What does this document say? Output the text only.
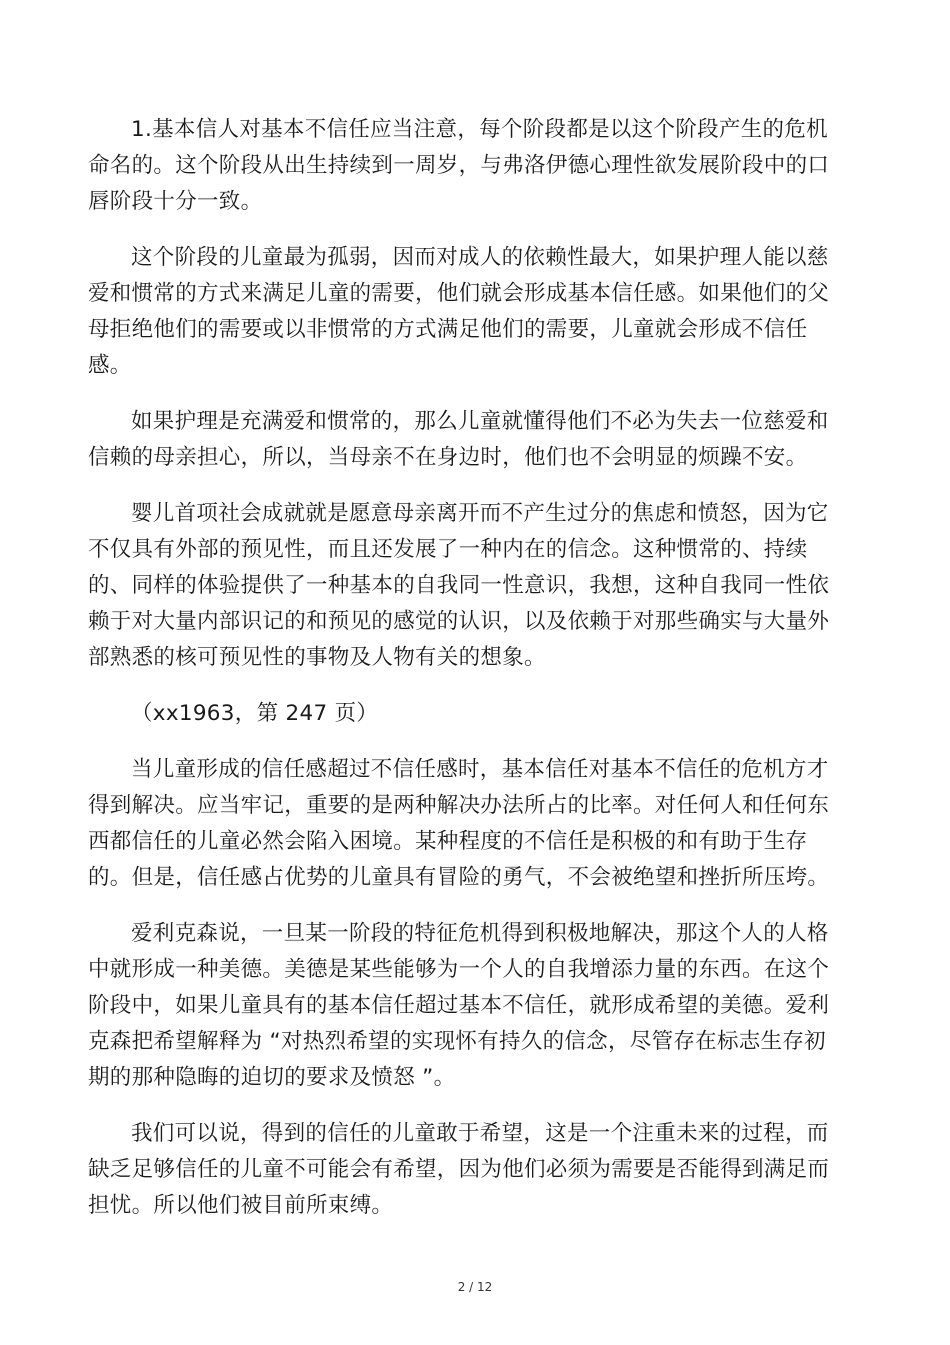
1.基本信人对基本不信任应当注意，每个阶段都是以这个阶段产生的危机命名的。这个阶段从出生持续到一周岁，与弗洛伊德心理性欲发展阶段中的口唇阶段十分一致。

这个阶段的儿童最为孤弱，因而对成人的依赖性最大，如果护理人能以慈爱和惯常的方式来满足儿童的需要，他们就会形成基本信任感。如果他们的父母拒绝他们的需要或以非惯常的方式满足他们的需要，儿童就会形成不信任感。

如果护理是充满爱和惯常的，那么儿童就懂得他们不必为失去一位慈爱和信赖的母亲担心，所以，当母亲不在身边时，他们也不会明显的烦躁不安。

婴儿首项社会成就就是愿意母亲离开而不产生过分的焦虑和愤怒，因为它不仅具有外部的预见性，而且还发展了一种内在的信念。这种惯常的、持续的、同样的体验提供了一种基本的自我同一性意识，我想，这种自我同一性依赖于对大量内部识记的和预见的感觉的认识，以及依赖于对那些确实与大量外部熟悉的核可预见性的事物及人物有关的想象。

（xx1963，第 247 页）

当儿童形成的信任感超过不信任感时，基本信任对基本不信任的危机方才得到解决。应当牢记，重要的是两种解决办法所占的比率。对任何人和任何东西都信任的儿童必然会陷入困境。某种程度的不信任是积极的和有助于生存的。但是，信任感占优势的儿童具有冒险的勇气，不会被绝望和挫折所压垮。

爱利克森说，一旦某一阶段的特征危机得到积极地解决，那这个人的人格中就形成一种美德。美德是某些能够为一个人的自我增添力量的东西。在这个阶段中，如果儿童具有的基本信任超过基本不信任，就形成希望的美德。爱利克森把希望解释为 “对热烈希望的实现怀有持久的信念，尽管存在标志生存初期的那种隐晦的迫切的要求及愤怒 ”。

我们可以说，得到的信任的儿童敢于希望，这是一个注重未来的过程，而缺乏足够信任的儿童不可能会有希望，因为他们必须为需要是否能得到满足而担忧。所以他们被目前所束缚。

2 / 12
